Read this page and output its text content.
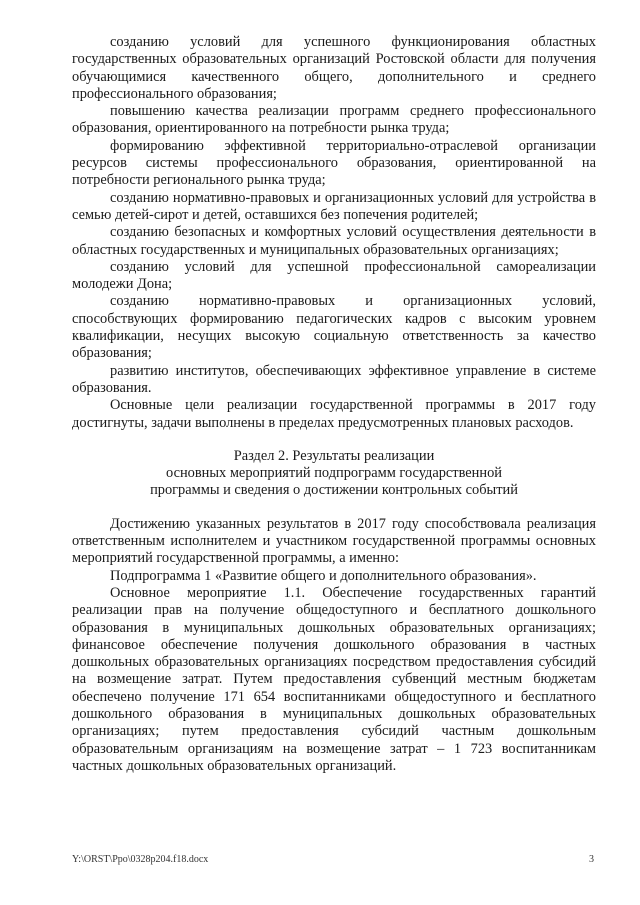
созданию условий для успешного функционирования областных государственных образовательных организаций Ростовской области для получения обучающимися качественного общего, дополнительного и среднего профессионального образования;

повышению качества реализации программ среднего профессионального образования, ориентированного на потребности рынка труда;

формированию эффективной территориально-отраслевой организации ресурсов системы профессионального образования, ориентированной на потребности регионального рынка труда;

созданию нормативно-правовых и организационных условий для устройства в семью детей-сирот и детей, оставшихся без попечения родителей;

созданию безопасных и комфортных условий осуществления деятельности в областных государственных и муниципальных образовательных организациях;

созданию условий для успешной профессиональной самореализации молодежи Дона;

созданию нормативно-правовых и организационных условий, способствующих формированию педагогических кадров с высоким уровнем квалификации, несущих высокую социальную ответственность за качество образования;

развитию институтов, обеспечивающих эффективное управление в системе образования.

Основные цели реализации государственной программы в 2017 году достигнуты, задачи выполнены в пределах предусмотренных плановых расходов.

Раздел 2. Результаты реализации
основных мероприятий подпрограмм государственной
программы и сведения о достижении контрольных событий

Достижению указанных результатов в 2017 году способствовала реализация ответственным исполнителем и участником государственной программы основных мероприятий государственной программы, а именно:

Подпрограмма 1 «Развитие общего и дополнительного образования».

Основное мероприятие 1.1. Обеспечение государственных гарантий реализации прав на получение общедоступного и бесплатного дошкольного образования в муниципальных дошкольных образовательных организациях; финансовое обеспечение получения дошкольного образования в частных дошкольных образовательных организациях посредством предоставления субсидий на возмещение затрат. Путем предоставления субвенций местным бюджетам обеспечено получение 171 654 воспитанниками общедоступного и бесплатного дошкольного образования в муниципальных дошкольных образовательных организациях; путем предоставления субсидий частным дошкольным образовательным организациям на возмещение затрат – 1 723 воспитанникам частных дошкольных образовательных организаций.

Y:\ORST\Ppo\0328p204.f18.docx	3
